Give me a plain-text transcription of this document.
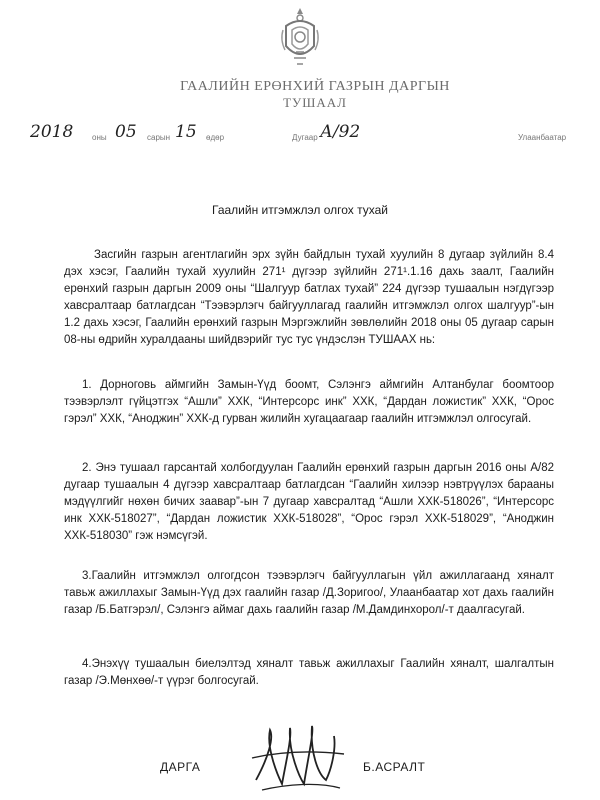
ГААЛИЙН ЕРӨНХИЙ ГАЗРЫН ДАРГЫН
ТУШААЛ
2018 оны 05 сарын 15 өдөр	Дугаар А/92	Улаанбаатар
Гаалийн итгэмжлэл олгох тухай
Засгийн газрын агентлагийн эрх зүйн байдлын тухай хуулийн 8 дугаар зүйлийн 8.4 дэх хэсэг, Гаалийн тухай хуулийн 271¹ дүгээр зүйлийн 271¹.1.16 дахь заалт, Гаалийн ерөнхий газрын даргын 2009 оны “Шалгуур батлах тухай” 224 дүгээр тушаалын нэгдүгээр хавсралтаар батлагдсан “Тээвэрлэгч байгууллагад гаалийн итгэмжлэл олгох шалгуур”-ын 1.2 дахь хэсэг, Гаалийн ерөнхий газрын Мэргэжлийн зөвлөлийн 2018 оны 05 дугаар сарын 08-ны өдрийн хуралдааны шийдвэрийг тус тус үндэслэн ТУШААХ нь:
1. Дорноговь аймгийн Замын-Үүд боомт, Сэлэнгэ аймгийн Алтанбулаг боомтоор тээвэрлэлт гүйцэтгэх “Ашли” ХХК, “Интерсорс инк” ХХК, “Дардан ложистик” ХХК, “Орос гэрэл” ХХК, “Аноджин” ХХК-д гурван жилийн хугацаагаар гаалийн итгэмжлэл олгосугай.
2. Энэ тушаал гарсантай холбогдуулан Гаалийн ерөнхий газрын даргын 2016 оны А/82 дугаар тушаалын 4 дүгээр хавсралтаар батлагдсан “Гаалийн хилээр нэвтрүүлэх барааны мэдүүлгийг нөхөн бичих заавар”-ын 7 дугаар хавсралтад “Ашли ХХК-518026”, “Интерсорс инк ХХК-518027”, “Дардан ложистик ХХК-518028”, “Орос гэрэл ХХК-518029”, “Аноджин ХХК-518030” гэж нэмсүгэй.
3.Гаалийн итгэмжлэл олгогдсон тээвэрлэгч байгууллагын үйл ажиллагаанд хяналт тавьж ажиллахыг Замын-Үүд дэх гаалийн газар /Д.Зоригоо/, Улаанбаатар хот дахь гаалийн газар /Б.Батгэрэл/, Сэлэнгэ аймаг дахь гаалийн газар /М.Дамдинхорол/-т даалгасугай.
4.Энэхүү тушаалын биелэлтэд хяналт тавьж ажиллахыг Гаалийн хяналт, шалгалтын газар /Э.Мөнхөө/-т үүрэг болгосугай.
ДАРГА	Б.АСРАЛТ
